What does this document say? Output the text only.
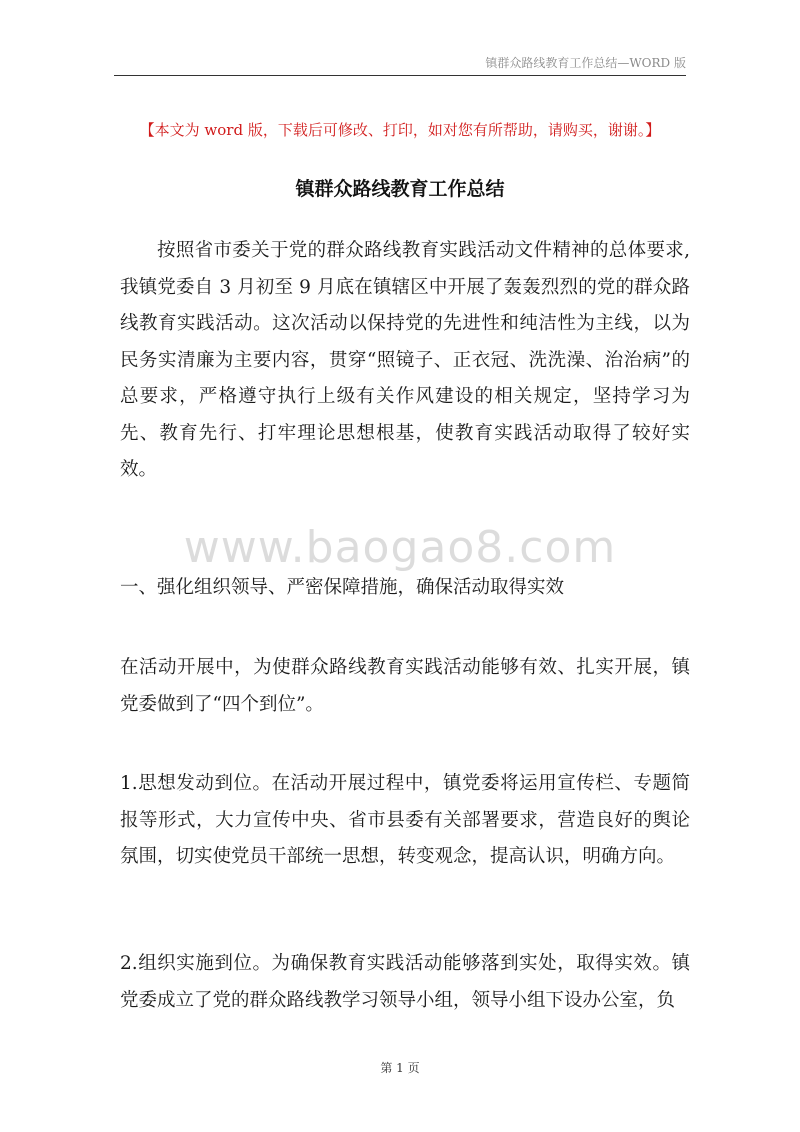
镇群众路线教育工作总结—WORD 版
【本文为 word 版，下载后可修改、打印，如对您有所帮助，请购买，谢谢。】
镇群众路线教育工作总结
www.baogao8.com

按照省市委关于党的群众路线教育实践活动文件精神的总体要求,我镇党委自 3 月初至 9 月底在镇辖区中开展了轰轰烈烈的党的群众路线教育实践活动。这次活动以保持党的先进性和纯洁性为主线，以为民务实清廉为主要内容，贯穿“照镜子、正衣冠、洗洗澡、治治病”的总要求，严格遵守执行上级有关作风建设的相关规定，坚持学习为先、教育先行、打牢理论思想根基，使教育实践活动取得了较好实效。

一、强化组织领导、严密保障措施，确保活动取得实效

在活动开展中，为使群众路线教育实践活动能够有效、扎实开展，镇党委做到了“四个到位”。

1.思想发动到位。在活动开展过程中，镇党委将运用宣传栏、专题简报等形式，大力宣传中央、省市县委有关部署要求，营造良好的舆论氛围，切实使党员干部统一思想，转变观念，提高认识，明确方向。

2.组织实施到位。为确保教育实践活动能够落到实处，取得实效。镇党委成立了党的群众路线教学习领导小组，领导小组下设办公室，负

第 1 页
